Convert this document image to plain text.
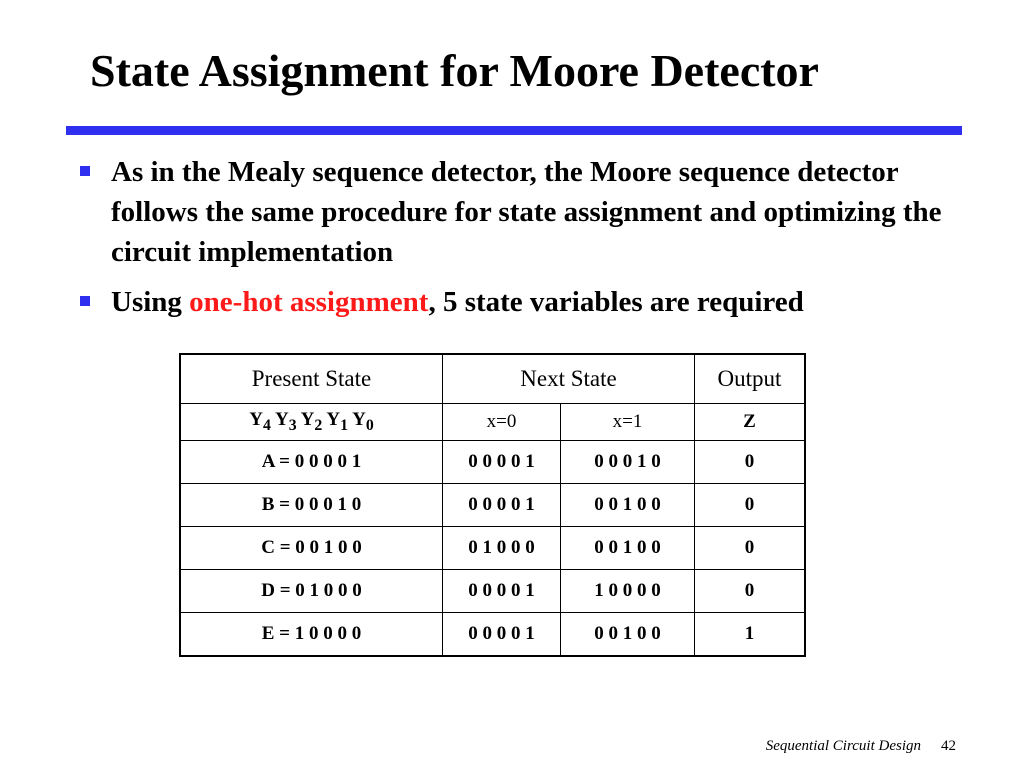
State Assignment for Moore Detector
As in the Mealy sequence detector, the Moore sequence detector follows the same procedure for state assignment and optimizing the circuit implementation
Using one-hot assignment, 5 state variables are required
Present State	Next State		Output
$Y_4$ $Y_3$ $Y_2$ $Y_1$ $Y_0$	x=0	x=1	Z
A = 0 0 0 0 1	0 0 0 0 1	0 0 0 1 0	0
B = 0 0 0 1 0	0 0 0 0 1	0 0 1 0 0	0
C = 0 0 1 0 0	0 1 0 0 0	0 0 1 0 0	0
D = 0 1 0 0 0	0 0 0 0 1	1 0 0 0 0	0
E = 1 0 0 0 0	0 0 0 0 1	0 0 1 0 0	1
Sequential Circuit Design 42
